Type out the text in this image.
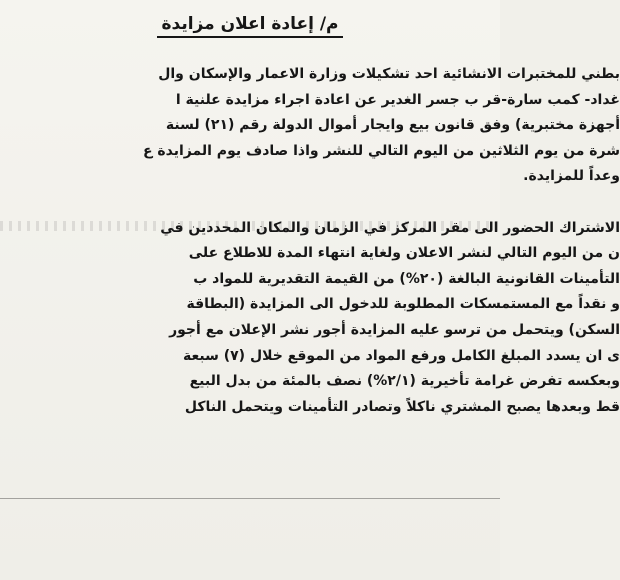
م/ إعادة اعلان مزايدة
بطني للمختبرات الانشائية احد تشكيلات وزارة الاعمار والإسكان وال
غداد- كمب سارة-قر ب جسر الغدير عن اعادة اجراء مزايدة علنية ا
أجهزة مختبرية) وفق قانون بيع وايجار أموال الدولة رقم (٢١) لسنة
شرة من يوم الثلاثين من اليوم التالي للنشر واذا صادف يوم المزايدة ع
وعداً للمزايدة.
الاشتراك الحضور الى مقر المركز في الزمان والمكان المحددين في
ن من اليوم التالي لنشر الاعلان ولغاية انتهاء المدة للاطلاع على
التأمينات القانونية البالغة (٢٠%) من القيمة التقديرية للمواد ب
و نقداً مع المستمسكات المطلوبة للدخول الى المزايدة (البطاقة
السكن) ويتحمل من ترسو عليه المزايدة أجور نشر الإعلان مع أجور
ى ان يسدد المبلغ الكامل ورفع المواد من الموقع خلال (٧) سبعة
وبعكسه تفرض غرامة تأخيرية (٢/١%) نصف بالمئة من بدل البيع
قط وبعدها يصبح المشتري ناكلاً وتصادر التأمينات ويتحمل الناكل
